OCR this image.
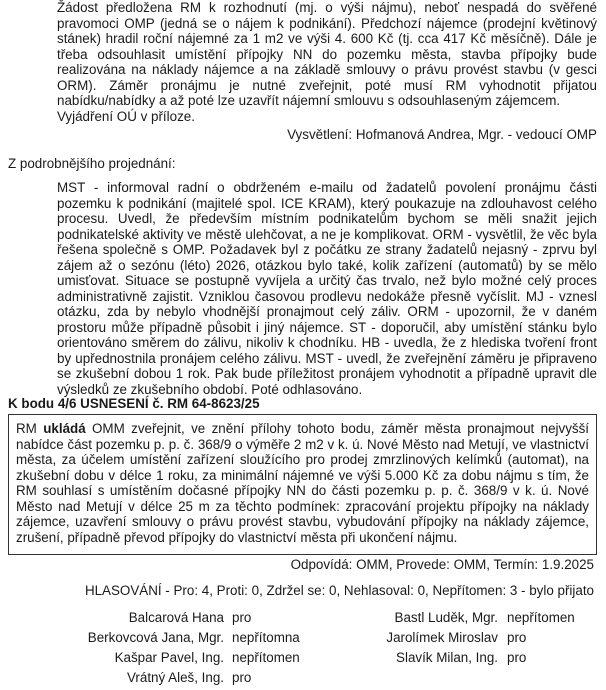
Žádost předložena RM k rozhodnutí (mj. o výši nájmu), neboť nespadá do svěřené pravomoci OMP (jedná se o nájem k podnikání). Předchozí nájemce (prodejní květinový stánek) hradil roční nájemné za 1 m2 ve výši 4. 600 Kč (tj. cca 417 Kč měsíčně). Dále je třeba odsouhlasit umístění přípojky NN do pozemku města, stavba přípojky bude realizována na náklady nájemce a na základě smlouvy o právu provést stavbu (v gesci ORM). Záměr pronájmu je nutné zveřejnit, poté musí RM vyhodnotit přijatou nabídku/nabídky a až poté lze uzavřít nájemní smlouvu s odsouhlaseným zájemcem.

Vyjádření OÚ v příloze.

Vysvětlení: Hofmanová Andrea, Mgr. - vedoucí OMP
Z podrobnějšího projednání:

MST - informoval radní o obdrženém e-mailu od žadatelů povolení pronájmu části pozemku k podnikání (majitelé spol. ICE KRAM), který poukazuje na zdlouhavost celého procesu. Uvedl, že především místním podnikatelům bychom se měli snažit jejich podnikatelské aktivity ve městě ulehčovat, a ne je komplikovat. ORM - vysvětlil, že věc byla řešena společně s OMP. Požadavek byl z počátku ze strany žadatelů nejasný - zprvu byl zájem až o sezónu (léto) 2026, otázkou bylo také, kolik zařízení (automatů) by se mělo umisťovat. Situace se postupně vyvíjela a určitý čas trvalo, než bylo možné celý proces administrativně zajistit. Vzniklou časovou prodlevu nedokáže přesně vyčíslit. MJ - vznesl otázku, zda by nebylo vhodnější pronajmout celý záliv. ORM - upozornil, že v daném prostoru může případně působit i jiný nájemce. ST - doporučil, aby umístění stánku bylo orientováno směrem do zálivu, nikoliv k chodníku. HB - uvedla, že z hlediska tvoření front by upřednostnila pronájem celého zálivu. MST - uvedl, že zveřejnění záměru je připraveno se zkušební dobou 1 rok. Pak bude příležitost pronájem vyhodnotit a případně upravit dle výsledků ze zkušebního období. Poté odhlasováno.

K bodu 4/6 USNESENÍ č. RM 64-8623/25
RM ukládá OMM zveřejnit, ve znění přílohy tohoto bodu, záměr města pronajmout nejvyšší nabídce část pozemku p. p. č. 368/9 o výměře 2 m2 v k. ú. Nové Město nad Metují, ve vlastnictví města, za účelem umístění zařízení sloužícího pro prodej zmrzlinových kelímků (automat), na zkušební dobu v délce 1 roku, za minimální nájemné ve výši 5.000 Kč za dobu nájmu s tím, že RM souhlasí s umístěním dočasné přípojky NN do části pozemku p. p. č. 368/9 v k. ú. Nové Město nad Metují v délce 25 m za těchto podmínek: zpracování projektu přípojky na náklady zájemce, uzavření smlouvy o právu provést stavbu, vybudování přípojky na náklady zájemce, zrušení, případně převod přípojky do vlastnictví města při ukončení nájmu.
Odpovídá: OMM, Provede: OMM, Termín: 1.9.2025
HLASOVÁNÍ - Pro: 4, Proti: 0, Zdržel se: 0, Nehlasoval: 0, Nepřítomen: 3 - bylo přijato
Balcarová Hana pro
Berkovcová Jana, Mgr. nepřítomna
Kašpar Pavel, Ing. nepřítomen
Vrátný Aleš, Ing. pro
Bastl Luděk, Mgr. nepřítomen
Jarolímek Miroslav pro
Slavík Milan, Ing. pro
